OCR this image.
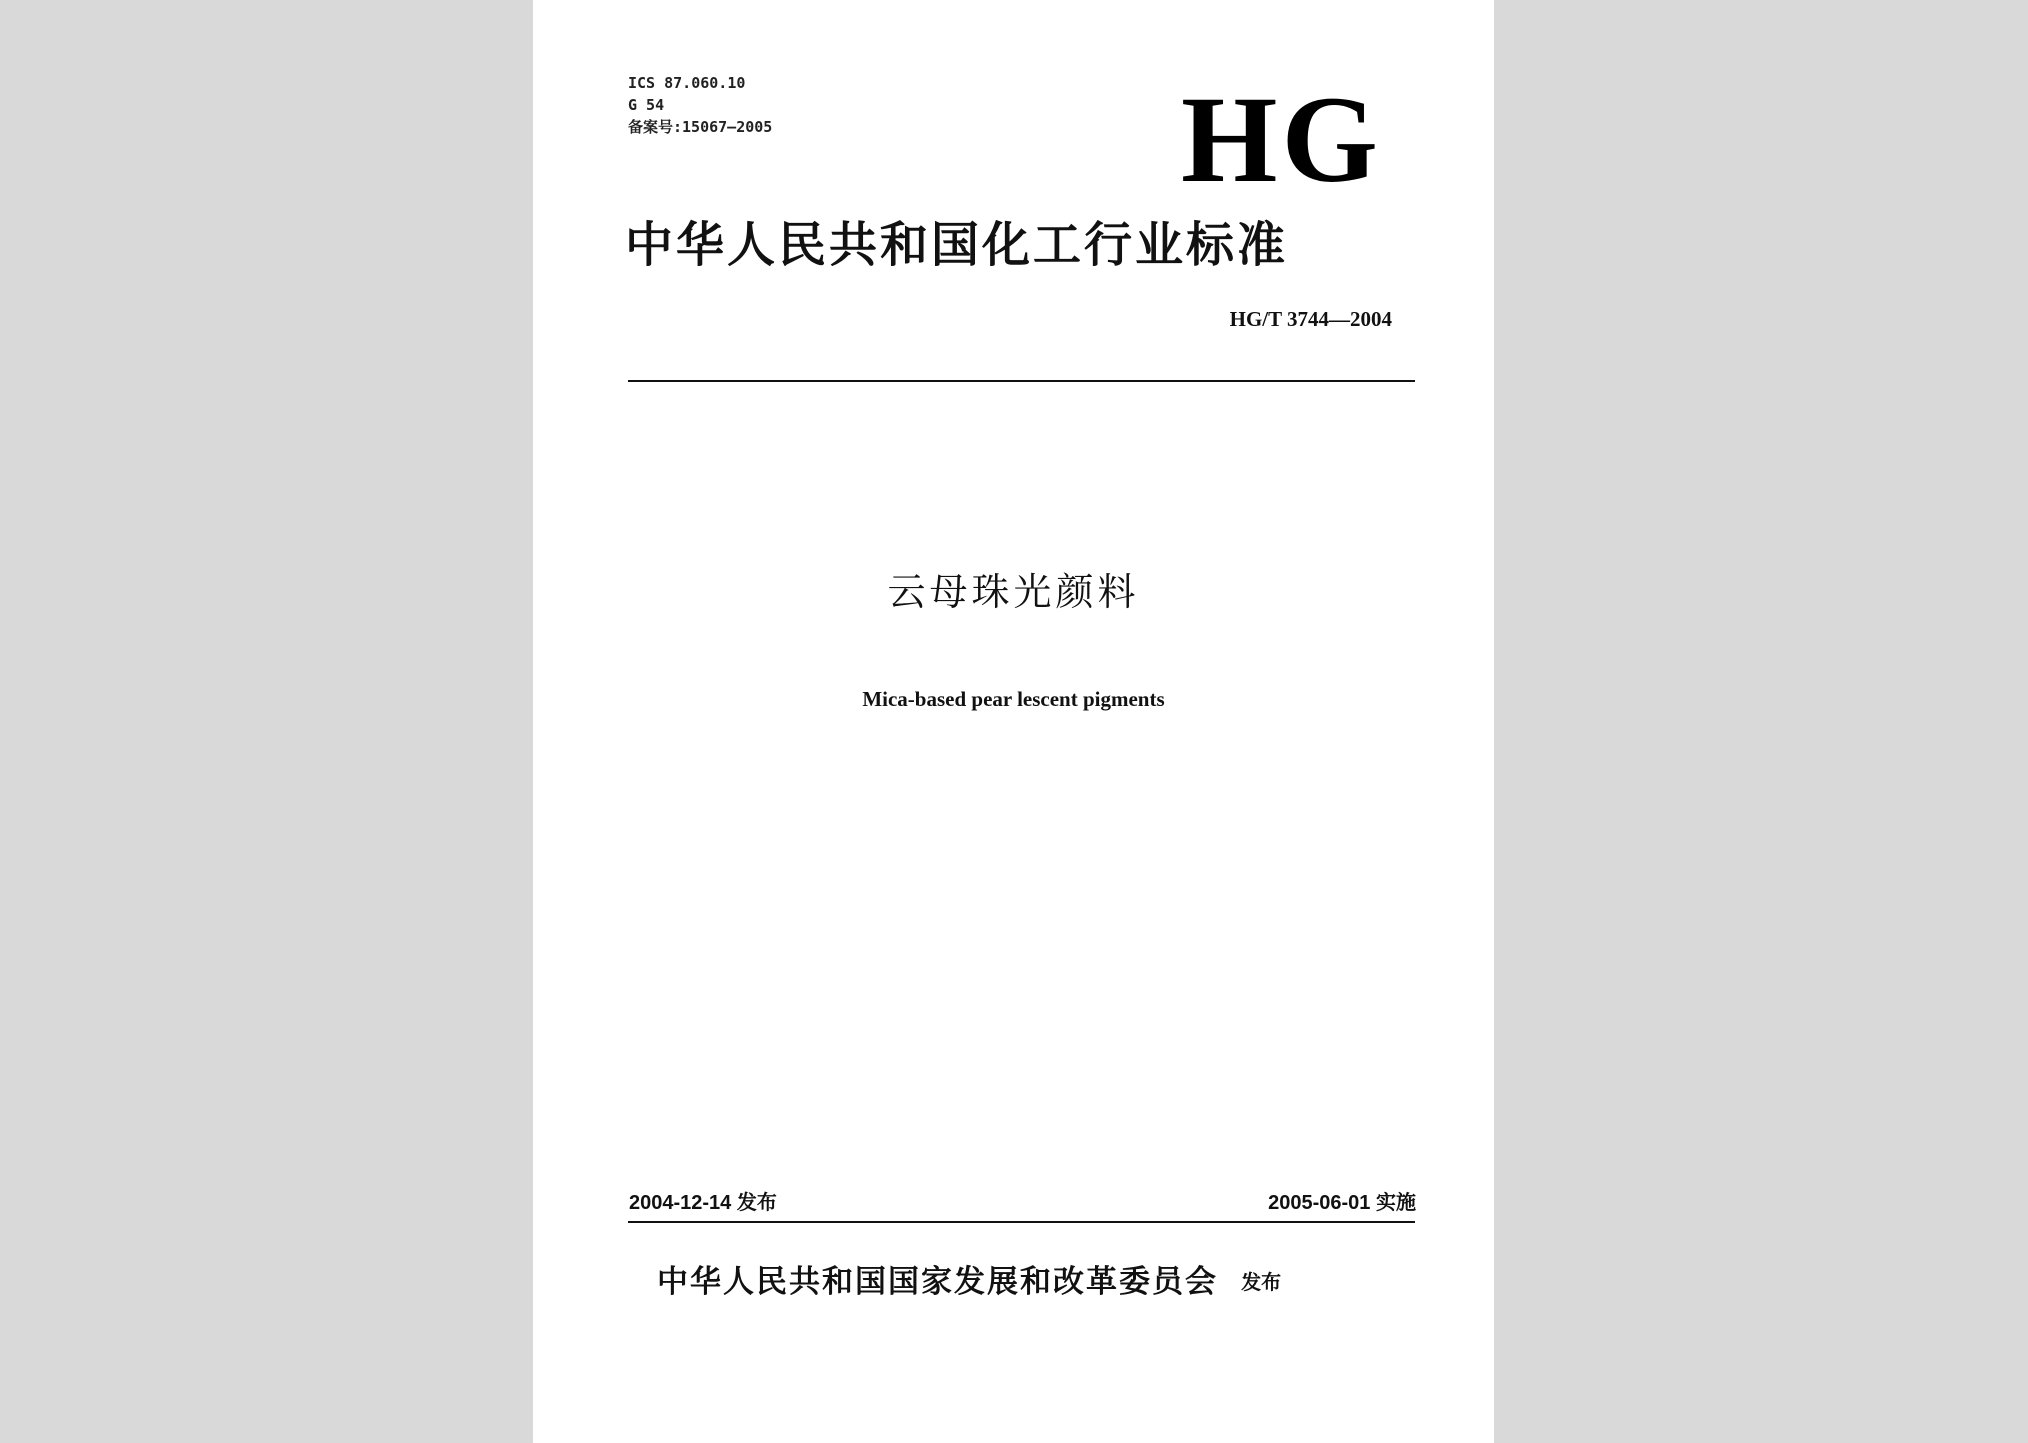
ICS 87.060.10
G 54
备案号:15067—2005	HG
中华人民共和国化工行业标准
HG/T 3744—2004
云母珠光颜料
Mica-based pear lescent pigments
2004-12-14 发布	2005-06-01 实施
中华人民共和国国家发展和改革委员会 发布
